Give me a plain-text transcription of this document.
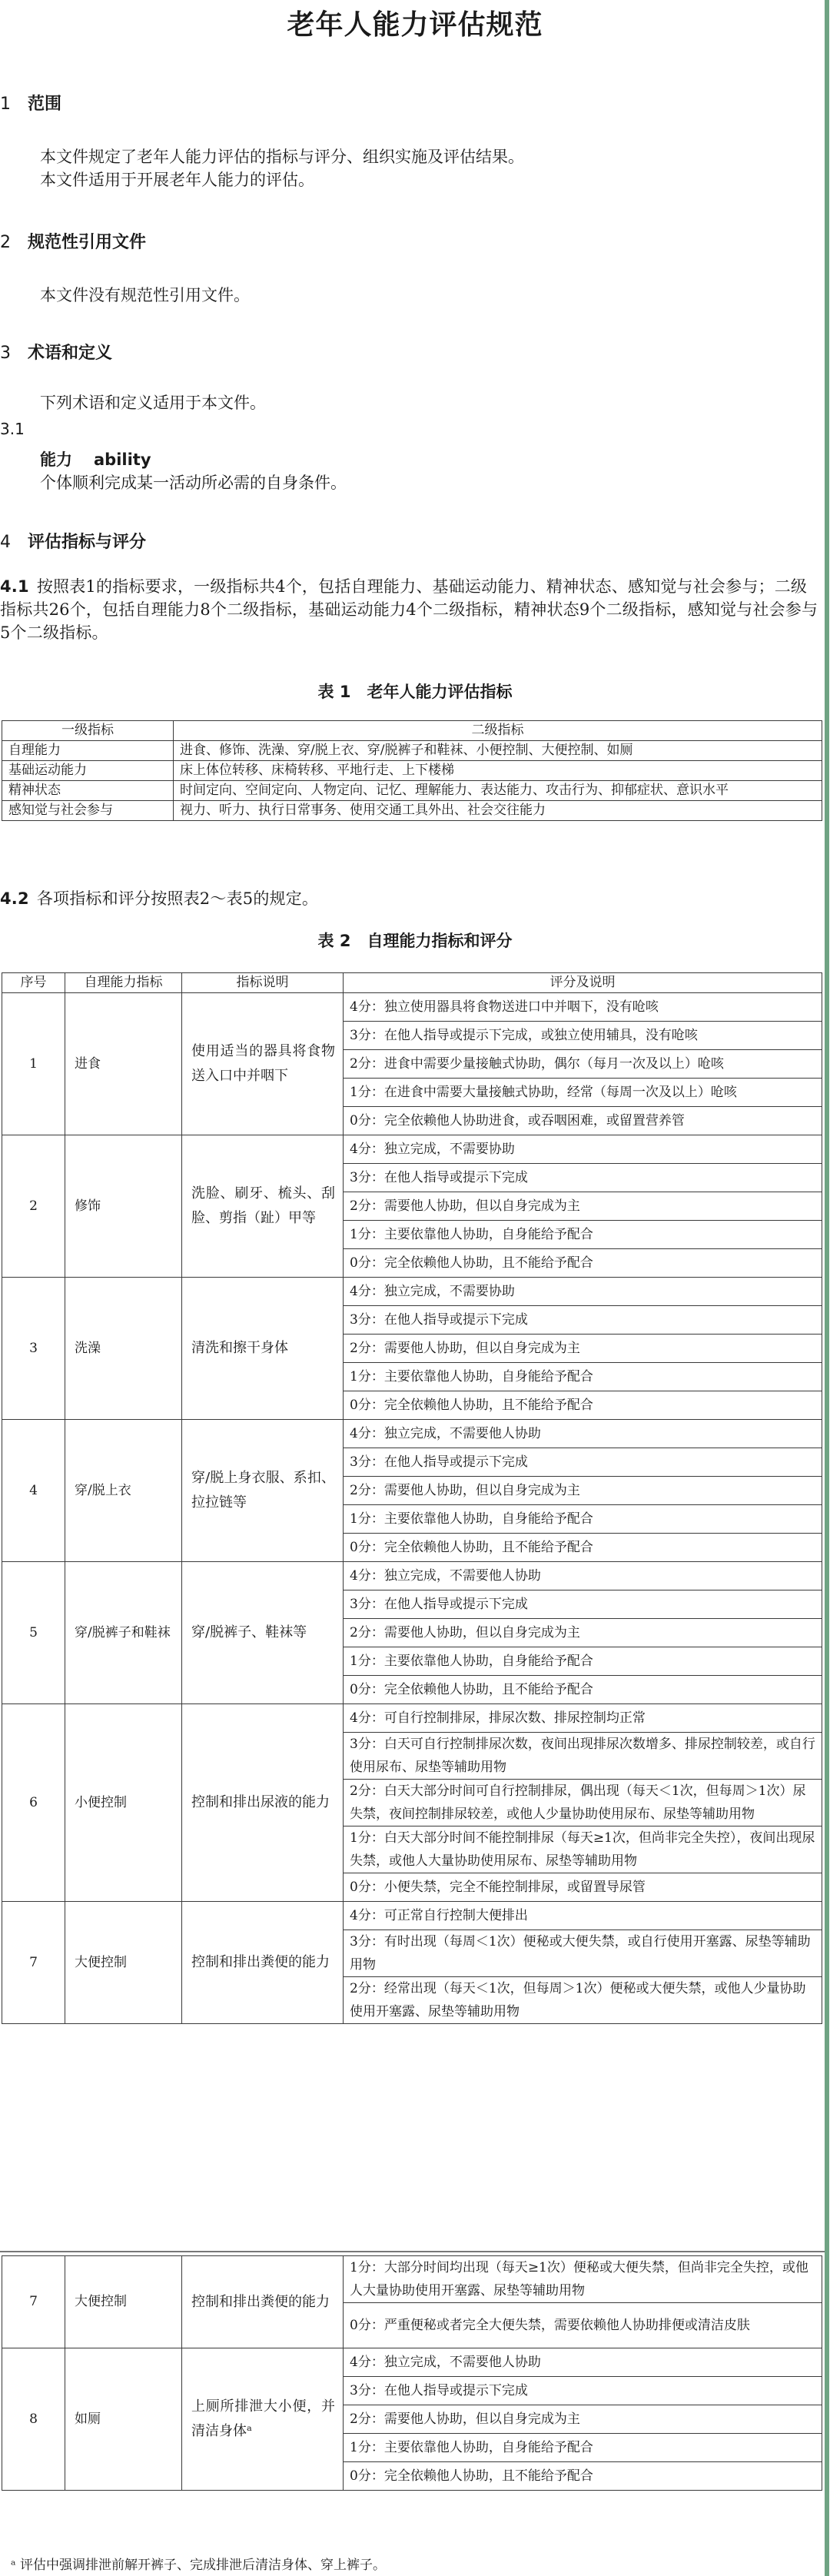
老年人能力评估规范
1 范围
本文件规定了老年人能力评估的指标与评分、组织实施及评估结果。
本文件适用于开展老年人能力的评估。
2 规范性引用文件
本文件没有规范性引用文件。
3 术语和定义
下列术语和定义适用于本文件。
3.1
能力 ability
个体顺利完成某一活动所必需的自身条件。
4 评估指标与评分
4.1 按照表1的指标要求，一级指标共4个，包括自理能力、基础运动能力、精神状态、感知觉与社会参与；二级指标共26个，包括自理能力8个二级指标，基础运动能力4个二级指标，精神状态9个二级指标，感知觉与社会参与5个二级指标。
表 1　老年人能力评估指标
一级指标	二级指标
自理能力	进食、修饰、洗澡、穿/脱上衣、穿/脱裤子和鞋袜、小便控制、大便控制、如厕
基础运动能力	床上体位转移、床椅转移、平地行走、上下楼梯
精神状态	时间定向、空间定向、人物定向、记忆、理解能力、表达能力、攻击行为、抑郁症状、意识水平
感知觉与社会参与	视力、听力、执行日常事务、使用交通工具外出、社会交往能力
4.2 各项指标和评分按照表2～表5的规定。
表 2　自理能力指标和评分
序号	自理能力指标	指标说明	评分及说明
1	进食	使用适当的器具将食物送入口中并咽下	4分：独立使用器具将食物送进口中并咽下，没有呛咳
			3分：在他人指导或提示下完成，或独立使用辅具，没有呛咳
			2分：进食中需要少量接触式协助，偶尔（每月一次及以上）呛咳
			1分：在进食中需要大量接触式协助，经常（每周一次及以上）呛咳
			0分：完全依赖他人协助进食，或吞咽困难，或留置营养管
2	修饰	洗脸、刷牙、梳头、刮脸、剪指（趾）甲等	4分：独立完成，不需要协助
			3分：在他人指导或提示下完成
			2分：需要他人协助，但以自身完成为主
			1分：主要依靠他人协助，自身能给予配合
			0分：完全依赖他人协助，且不能给予配合
3	洗澡	清洗和擦干身体	4分：独立完成，不需要协助
			3分：在他人指导或提示下完成
			2分：需要他人协助，但以自身完成为主
			1分：主要依靠他人协助，自身能给予配合
			0分：完全依赖他人协助，且不能给予配合
4	穿/脱上衣	穿/脱上身衣服、系扣、拉拉链等	4分：独立完成，不需要他人协助
			3分：在他人指导或提示下完成
			2分：需要他人协助，但以自身完成为主
			1分：主要依靠他人协助，自身能给予配合
			0分：完全依赖他人协助，且不能给予配合
5	穿/脱裤子和鞋袜	穿/脱裤子、鞋袜等	4分：独立完成，不需要他人协助
			3分：在他人指导或提示下完成
			2分：需要他人协助，但以自身完成为主
			1分：主要依靠他人协助，自身能给予配合
			0分：完全依赖他人协助，且不能给予配合
6	小便控制	控制和排出尿液的能力	4分：可自行控制排尿，排尿次数、排尿控制均正常
			3分：白天可自行控制排尿次数，夜间出现排尿次数增多、排尿控制较差，或自行使用尿布、尿垫等辅助用物
			2分：白天大部分时间可自行控制排尿，偶出现（每天＜1次，但每周＞1次）尿失禁，夜间控制排尿较差，或他人少量协助使用尿布、尿垫等辅助用物
			1分：白天大部分时间不能控制排尿（每天≥1次，但尚非完全失控），夜间出现尿失禁，或他人大量协助使用尿布、尿垫等辅助用物
			0分：小便失禁，完全不能控制排尿，或留置导尿管
7	大便控制	控制和排出粪便的能力	4分：可正常自行控制大便排出
			3分：有时出现（每周＜1次）便秘或大便失禁，或自行使用开塞露、尿垫等辅助用物
			2分：经常出现（每天＜1次，但每周＞1次）便秘或大便失禁，或他人少量协助使用开塞露、尿垫等辅助用物
7	大便控制	控制和排出粪便的能力	1分：大部分时间均出现（每天≥1次）便秘或大便失禁，但尚非完全失控，或他人大量协助使用开塞露、尿垫等辅助用物
			0分：严重便秘或者完全大便失禁，需要依赖他人协助排便或清洁皮肤
8	如厕	上厕所排泄大小便，并清洁身体ᵃ	4分：独立完成，不需要他人协助
			3分：在他人指导或提示下完成
			2分：需要他人协助，但以自身完成为主
			1分：主要依靠他人协助，自身能给予配合
			0分：完全依赖他人协助，且不能给予配合
ᵃ 评估中强调排泄前解开裤子、完成排泄后清洁身体、穿上裤子。
